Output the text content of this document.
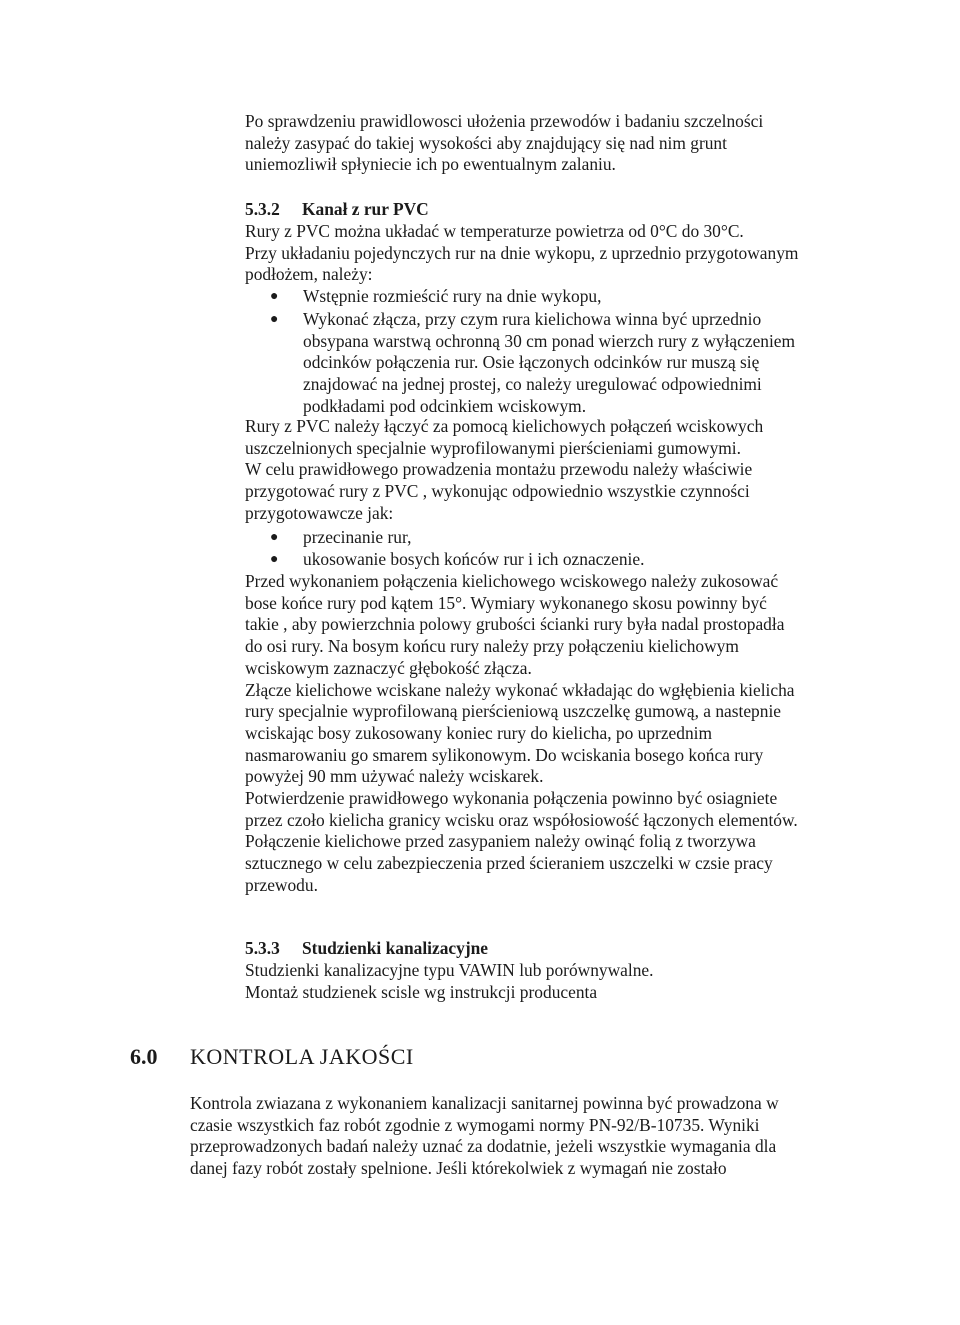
Po sprawdzeniu prawidlowosci ułożenia przewodów i badaniu szczelności
należy zasypać do takiej wysokości aby znajdujący się nad nim grunt
uniemozliwił spłyniecie ich po ewentualnym zalaniu.
5.3.2 Kanał z rur PVC
Rury z PVC można układać w temperaturze powietrza od 0°C do 30°C.
Przy układaniu pojedynczych rur na dnie wykopu, z uprzednio przygotowanym
podłożem, należy:
● Wstępnie rozmieścić rury na dnie wykopu,
● Wykonać złącza, przy czym rura kielichowa winna być uprzednio
obsypana warstwą ochronną 30 cm ponad wierzch rury z wyłączeniem
odcinków połączenia rur. Osie łączonych odcinków rur muszą się
znajdować na jednej prostej, co należy uregulować odpowiednimi
podkładami pod odcinkiem wciskowym.
Rury z PVC należy łączyć za pomocą kielichowych połączeń wciskowych
uszczelnionych specjalnie wyprofilowanymi pierścieniami gumowymi.
W celu prawidłowego prowadzenia montażu przewodu należy właściwie
przygotować rury z PVC , wykonując odpowiednio wszystkie czynności
przygotowawcze jak:
● przecinanie rur,
● ukosowanie bosych końców rur i ich oznaczenie.
Przed wykonaniem połączenia kielichowego wciskowego należy zukosować
bose końce rury pod kątem 15°. Wymiary wykonanego skosu powinny być
takie , aby powierzchnia polowy grubości ścianki rury była nadal prostopadła
do osi rury. Na bosym końcu rury należy przy połączeniu kielichowym
wciskowym zaznaczyć głębokość złącza.
Złącze kielichowe wciskane należy wykonać wkładając do wgłębienia kielicha
rury specjalnie wyprofilowaną pierścieniową uszczelkę gumową, a nastepnie
wciskając bosy zukosowany koniec rury do kielicha, po uprzednim
nasmarowaniu go smarem sylikonowym. Do wciskania bosego końca rury
powyżej 90 mm używać należy wciskarek.
Potwierdzenie prawidłowego wykonania połączenia powinno być osiagniete
przez czoło kielicha granicy wcisku oraz współosiowość łączonych elementów.
Połączenie kielichowe przed zasypaniem należy owinąć folią z tworzywa
sztucznego w celu zabezpieczenia przed ścieraniem uszczelki w czsie pracy
przewodu.
5.3.3 Studzienki kanalizacyjne
Studzienki kanalizacyjne typu VAWIN lub porównywalne.
Montaż studzienek scisle wg instrukcji producenta
6.0 KONTROLA JAKOŚCI
Kontrola zwiazana z wykonaniem kanalizacji sanitarnej powinna być prowadzona w
czasie wszystkich faz robót zgodnie z wymogami normy PN-92/B-10735. Wyniki
przeprowadzonych badań należy uznać za dodatnie, jeżeli wszystkie wymagania dla
danej fazy robót zostały spelnione. Jeśli którekolwiek z wymagań nie zostało
